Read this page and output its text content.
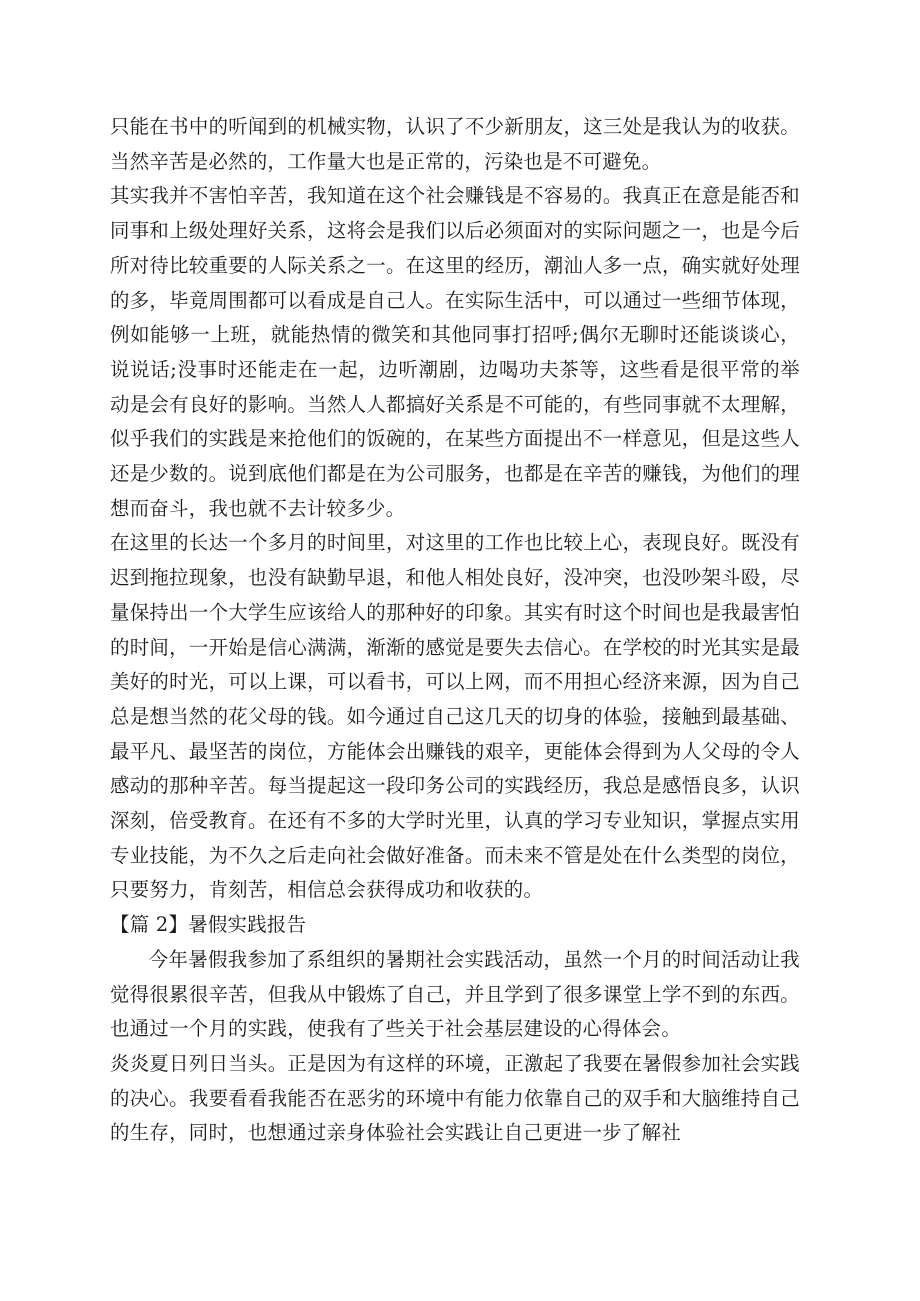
只能在书中的听闻到的机械实物，认识了不少新朋友，这三处是我认为的收获。当然辛苦是必然的，工作量大也是正常的，污染也是不可避免。

其实我并不害怕辛苦，我知道在这个社会赚钱是不容易的。我真正在意是能否和同事和上级处理好关系，这将会是我们以后必须面对的实际问题之一，也是今后所对待比较重要的人际关系之一。在这里的经历，潮汕人多一点，确实就好处理的多，毕竟周围都可以看成是自己人。在实际生活中，可以通过一些细节体现，例如能够一上班，就能热情的微笑和其他同事打招呼;偶尔无聊时还能谈谈心，说说话;没事时还能走在一起，边听潮剧，边喝功夫茶等，这些看是很平常的举动是会有良好的影响。当然人人都搞好关系是不可能的，有些同事就不太理解，似乎我们的实践是来抢他们的饭碗的，在某些方面提出不一样意见，但是这些人还是少数的。说到底他们都是在为公司服务，也都是在辛苦的赚钱，为他们的理想而奋斗，我也就不去计较多少。

在这里的长达一个多月的时间里，对这里的工作也比较上心，表现良好。既没有迟到拖拉现象，也没有缺勤早退，和他人相处良好，没冲突，也没吵架斗殴，尽量保持出一个大学生应该给人的那种好的印象。其实有时这个时间也是我最害怕的时间，一开始是信心满满，渐渐的感觉是要失去信心。在学校的时光其实是最美好的时光，可以上课，可以看书，可以上网，而不用担心经济来源，因为自己总是想当然的花父母的钱。如今通过自己这几天的切身的体验，接触到最基础、最平凡、最坚苦的岗位，方能体会出赚钱的艰辛，更能体会得到为人父母的令人感动的那种辛苦。每当提起这一段印务公司的实践经历，我总是感悟良多，认识深刻，倍受教育。在还有不多的大学时光里，认真的学习专业知识，掌握点实用专业技能，为不久之后走向社会做好准备。而未来不管是处在什么类型的岗位，只要努力，肯刻苦，相信总会获得成功和收获的。

【篇 2】暑假实践报告

今年暑假我参加了系组织的暑期社会实践活动，虽然一个月的时间活动让我觉得很累很辛苦，但我从中锻炼了自己，并且学到了很多课堂上学不到的东西。也通过一个月的实践，使我有了些关于社会基层建设的心得体会。

炎炎夏日列日当头。正是因为有这样的环境，正激起了我要在暑假参加社会实践的决心。我要看看我能否在恶劣的环境中有能力依靠自己的双手和大脑维持自己的生存，同时，也想通过亲身体验社会实践让自己更进一步了解社
